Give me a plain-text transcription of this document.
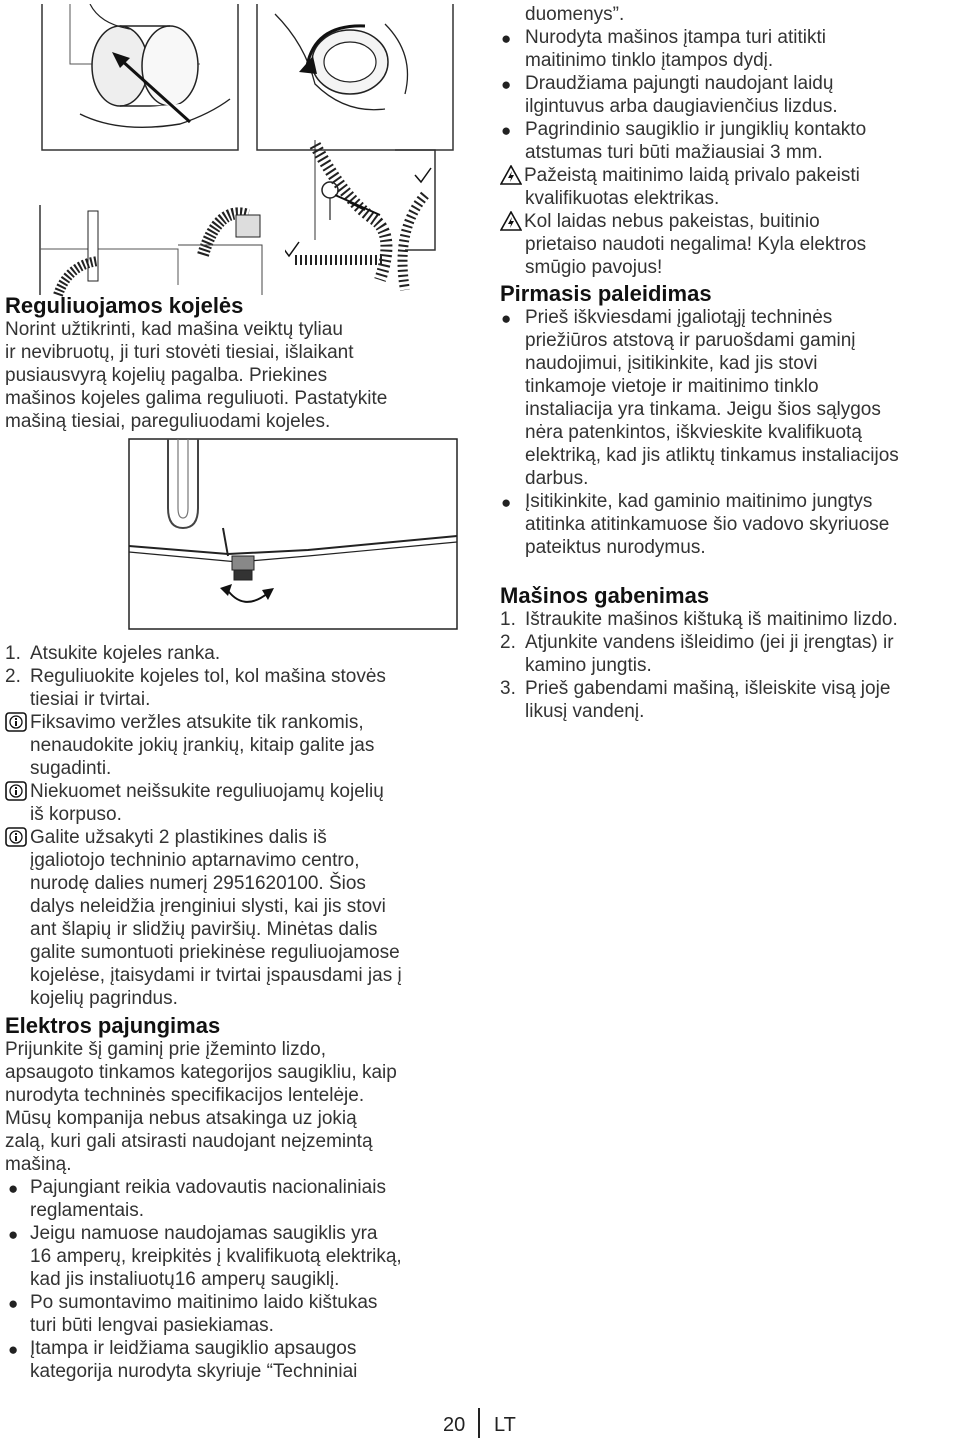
Reguliuojamos kojelės
Norint užtikrinti, kad mašina veiktų tyliau
ir nevibruotų, ji turi stovėti tiesiai, išlaikant
pusiausvyrą kojelių pagalba. Priekines
mašinos kojeles galima reguliuoti. Pastatykite
mašiną tiesiai, pareguliuodami kojeles.
1. Atsukite kojeles ranka.
2. Reguliuokite kojeles tol, kol mašina stovės
tiesiai ir tvirtai.
Fiksavimo veržles atsukite tik rankomis,
nenaudokite jokių įrankių, kitaip galite jas
sugadinti.
Niekuomet neišsukite reguliuojamų kojelių
iš korpuso.
Galite užsakyti 2 plastikines dalis iš
įgaliotojo techninio aptarnavimo centro,
nurodę dalies numerį 2951620100. Šios
dalys neleidžia įrenginiui slysti, kai jis stovi
ant šlapių ir slidžių paviršių. Minėtas dalis
galite sumontuoti priekinėse reguliuojamose
kojelėse, įtaisydami ir tvirtai įspausdami jas į
kojelių pagrindus.
Elektros pajungimas
Prijunkite šį gaminį prie įžeminto lizdo,
apsaugoto tinkamos kategorijos saugikliu, kaip
nurodyta techninės specifikacijos lentelėje.
Mūsų kompanija nebus atsakinga uz jokią
zalą, kuri gali atsirasti naudojant neįzemintą
mašiną.
● Pajungiant reikia vadovautis nacionaliniais
reglamentais.
● Jeigu namuose naudojamas saugiklis yra
16 amperų, kreipkitės į kvalifikuotą elektriką,
kad jis instaliuotų16 amperų saugiklį.
● Po sumontavimo maitinimo laido kištukas
turi būti lengvai pasiekiamas.
● Įtampa ir leidžiama saugiklio apsaugos
kategorija nurodyta skyriuje “Techniniai
duomenys”.
● Nurodyta mašinos įtampa turi atitikti
maitinimo tinklo įtampos dydį.
● Draudžiama pajungti naudojant laidų
ilgintuvus arba daugiavienčius lizdus.
● Pagrindinio saugiklio ir jungiklių kontakto
atstumas turi būti mažiausiai 3 mm.
Pažeistą maitinimo laidą privalo pakeisti
kvalifikuotas elektrikas.
Kol laidas nebus pakeistas, buitinio
prietaiso naudoti negalima! Kyla elektros
smūgio pavojus!
Pirmasis paleidimas
● Prieš iškviesdami įgaliotąjį techninės
priežiūros atstovą ir paruošdami gaminį
naudojimui, įsitikinkite, kad jis stovi
tinkamoje vietoje ir maitinimo tinklo
instaliacija yra tinkama. Jeigu šios sąlygos
nėra patenkintos, iškvieskite kvalifikuotą
elektriką, kad jis atliktų tinkamus instaliacijos
darbus.
● Įsitikinkite, kad gaminio maitinimo jungtys
atitinka atitinkamuose šio vadovo skyriuose
pateiktus nurodymus.
Mašinos gabenimas
1. Ištraukite mašinos kištuką iš maitinimo lizdo.
2. Atjunkite vandens išleidimo (jei ji įrengtas) ir
kamino jungtis.
3. Prieš gabendami mašiną, išleiskite visą joje
likusį vandenį.
20 LT
